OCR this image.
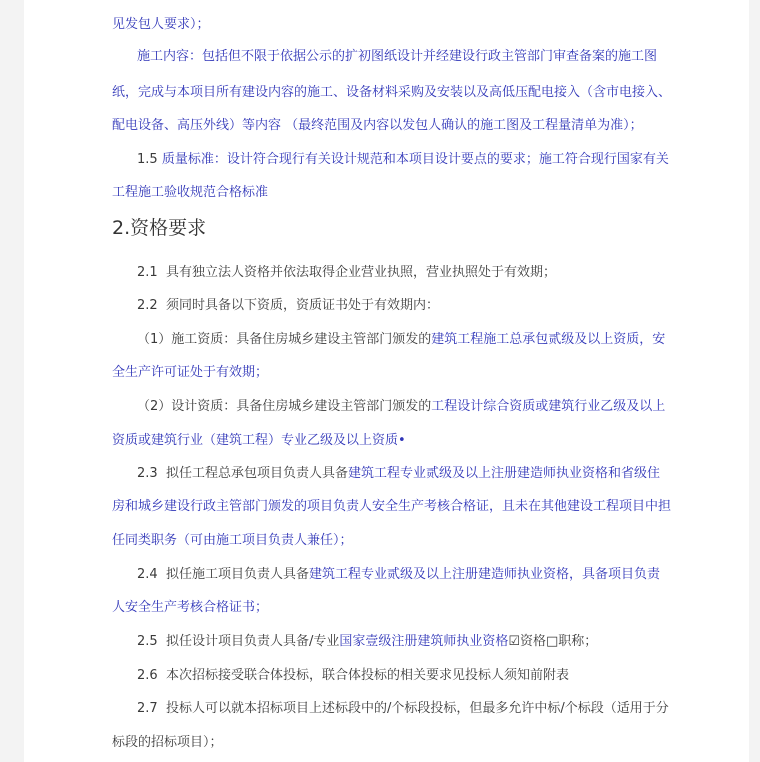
见发包人要求）；
施工内容：包括但不限于依据公示的扩初图纸设计并经建设行政主管部门审查备案的施工图
纸，完成与本项目所有建设内容的施工、设备材料采购及安装以及高低压配电接入（含市电接入、
配电设备、高压外线）等内容 （最终范围及内容以发包人确认的施工图及工程量清单为准）；
1.5 质量标准：设计符合现行有关设计规范和本项目设计要点的要求；施工符合现行国家有关
工程施工验收规范合格标准
2.资格要求
2.1 具有独立法人资格并依法取得企业营业执照，营业执照处于有效期；
2.2 须同时具备以下资质，资质证书处于有效期内：
（1）施工资质：具备住房城乡建设主管部门颁发的建筑工程施工总承包贰级及以上资质，安
全生产许可证处于有效期；
（2）设计资质：具备住房城乡建设主管部门颁发的工程设计综合资质或建筑行业乙级及以上
资质或建筑行业（建筑工程）专业乙级及以上资质•
2.3 拟任工程总承包项目负责人具备建筑工程专业贰级及以上注册建造师执业资格和省级住
房和城乡建设行政主管部门颁发的项目负责人安全生产考核合格证，且未在其他建设工程项目中担
任同类职务（可由施工项目负责人兼任）；
2.4 拟任施工项目负责人具备建筑工程专业贰级及以上注册建造师执业资格，具备项目负责
人安全生产考核合格证书；
2.5 拟任设计项目负责人具备/专业国家壹级注册建筑师执业资格☑资格□职称；
2.6 本次招标接受联合体投标，联合体投标的相关要求见投标人须知前附表
2.7 投标人可以就本招标项目上述标段中的/个标段投标，但最多允许中标/个标段（适用于分
标段的招标项目）；
